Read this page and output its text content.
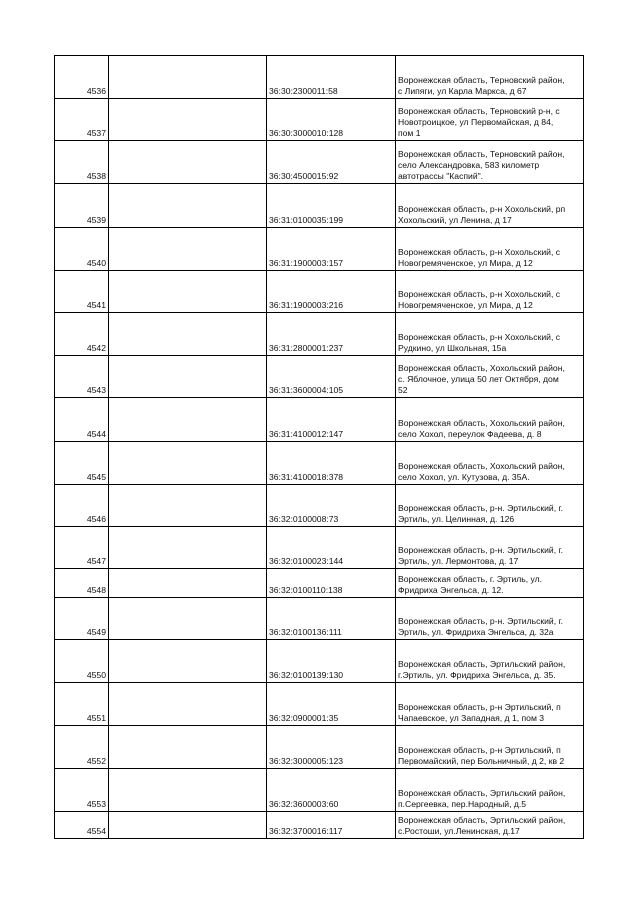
4536		36:30:2300011:58	Воронежская область, Терновский район,
с Липяги, ул Карла Маркса, д 67
4537		36:30:3000010:128	Воронежская область, Терновский р-н, с
Новотроицкое, ул Первомайская, д 84,
пом 1
4538		36:30:4500015:92	Воронежская область, Терновский район,
село Александровка, 583 километр
автотрассы "Каспий".
4539		36:31:0100035:199	Воронежская область, р-н Хохольский, рп
Хохольский, ул Ленина, д 17
4540		36:31:1900003:157	Воронежская область, р-н Хохольский, с
Новогремяченское, ул Мира, д 12
4541		36:31:1900003:216	Воронежская область, р-н Хохольский, с
Новогремяченское, ул Мира, д 12
4542		36:31:2800001:237	Воронежская область, р-н Хохольский, с
Рудкино, ул Школьная, 15а
4543		36:31:3600004:105	Воронежская область, Хохольский район,
с. Яблочное, улица 50 лет Октября, дом
52
4544		36:31:4100012:147	Воронежская область, Хохольский район,
село Хохол, переулок Фадеева, д. 8
4545		36:31:4100018:378	Воронежская область, Хохольский район,
село Хохол, ул. Кутузова, д. 35А.
4546		36:32:0100008:73	Воронежская область, р-н. Эртильский, г.
Эртиль, ул. Целинная, д. 126
4547		36:32:0100023:144	Воронежская область, р-н. Эртильский, г.
Эртиль, ул. Лермонтова, д. 17
4548		36:32:0100110:138	Воронежская область, г. Эртиль, ул.
Фридриха Энгельса, д. 12.
4549		36:32:0100136:111	Воронежская область, р-н. Эртильский, г.
Эртиль, ул. Фридриха Энгельса, д. 32а
4550		36:32:0100139:130	Воронежская область, Эртильский район,
г.Эртиль, ул. Фридриха Энгельса, д. 35.
4551		36:32:0900001:35	Воронежская область, р-н Эртильский, п
Чапаевское, ул Западная, д 1, пом 3
4552		36:32:3000005:123	Воронежская область, р-н Эртильский, п
Первомайский, пер Больничный, д 2, кв 2
4553		36:32:3600003:60	Воронежская область, Эртильский район,
п.Сергеевка, пер.Народный, д.5
4554		36:32:3700016:117	Воронежская область, Эртильский район,
с.Ростоши, ул.Ленинская, д.17
